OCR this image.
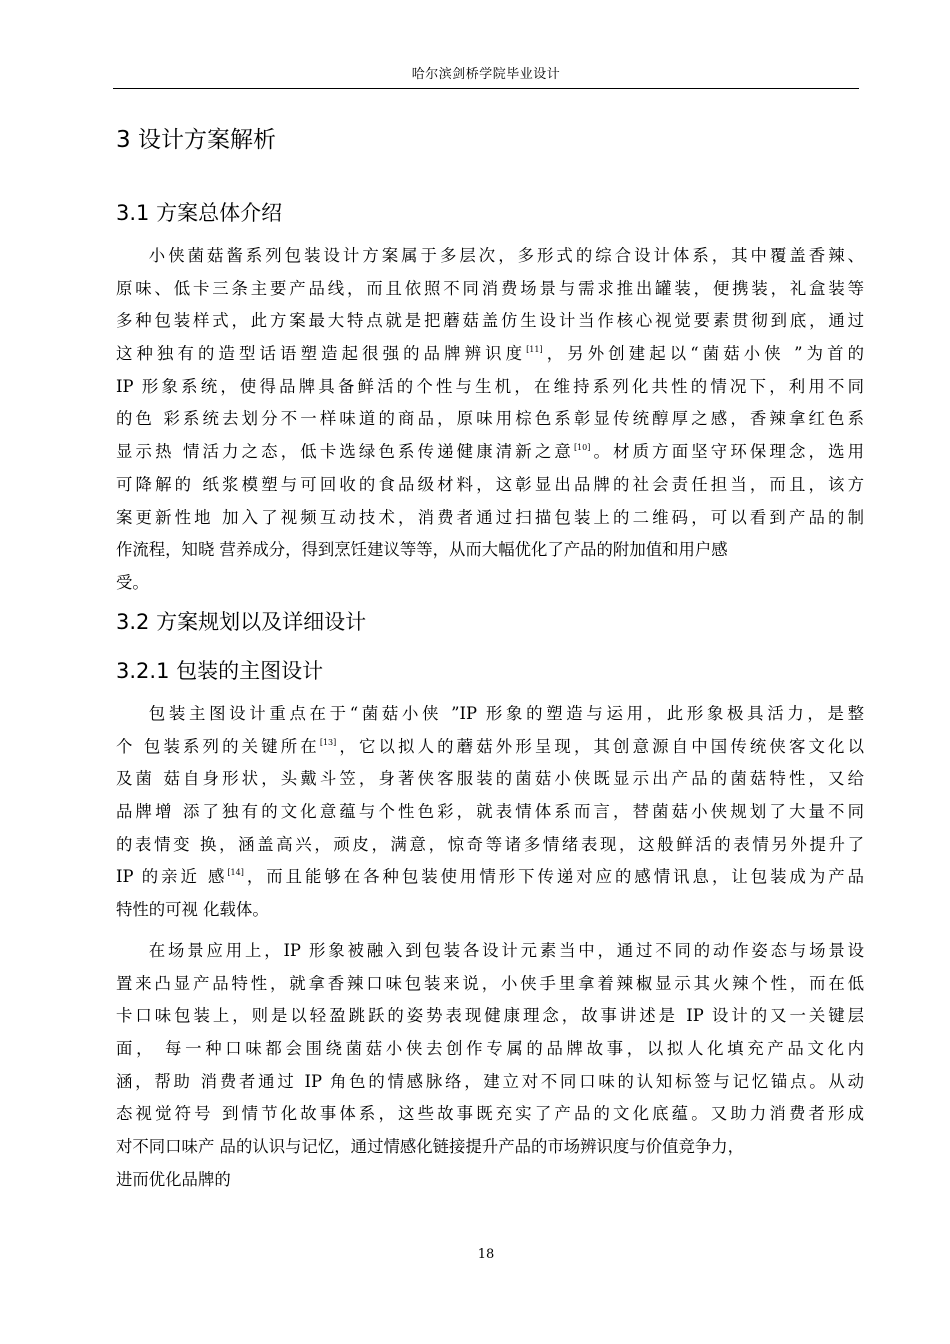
哈尔滨剑桥学院毕业设计
3 设计方案解析
3.1 方案总体介绍

小侠菌菇酱系列包装设计方案属于多层次，多形式的综合设计体系，其中覆盖香辣、
原味、低卡三条主要产品线，而且依照不同消费场景与需求推出罐装，便携装，礼盒装等
多种包装样式，此方案最大特点就是把蘑菇盖仿生设计当作核心视觉要素贯彻到底，通过
这种独有的造型话语塑造起很强的品牌辨识度[11]，另外创建起以“菌菇小侠 ”为首的
IP 形象系统，使得品牌具备鲜活的个性与生机，在维持系列化共性的情况下，利用不同
的色 彩系统去划分不一样味道的商品，原味用棕色系彰显传统醇厚之感，香辣拿红色系
显示热 情活力之态，低卡选绿色系传递健康清新之意[10]。材质方面坚守环保理念，选用
可降解的 纸浆模塑与可回收的食品级材料，这彰显出品牌的社会责任担当，而且，该方
案更新性地 加入了视频互动技术，消费者通过扫描包装上的二维码，可以看到产品的制
作流程，知晓 营养成分，得到烹饪建议等等，从而大幅优化了产品的附加值和用户感
受。

3.2 方案规划以及详细设计
3.2.1 包装的主图设计

包装主图设计重点在于“菌菇小侠 ”IP 形象的塑造与运用，此形象极具活力，是整
个 包装系列的关键所在[13]，它以拟人的蘑菇外形呈现，其创意源自中国传统侠客文化以
及菌 菇自身形状，头戴斗笠，身著侠客服装的菌菇小侠既显示出产品的菌菇特性，又给
品牌增 添了独有的文化意蕴与个性色彩，就表情体系而言，替菌菇小侠规划了大量不同
的表情变 换，涵盖高兴，顽皮，满意，惊奇等诸多情绪表现，这般鲜活的表情另外提升了
IP 的亲近 感[14]，而且能够在各种包装使用情形下传递对应的感情讯息，让包装成为产品
特性的可视 化载体。

在场景应用上，IP 形象被融入到包装各设计元素当中，通过不同的动作姿态与场景设
置来凸显产品特性，就拿香辣口味包装来说，小侠手里拿着辣椒显示其火辣个性，而在低
卡口味包装上，则是以轻盈跳跃的姿势表现健康理念，故事讲述是 IP 设计的又一关键层
面， 每一种口味都会围绕菌菇小侠去创作专属的品牌故事，以拟人化填充产品文化内
涵，帮助 消费者通过 IP 角色的情感脉络，建立对不同口味的认知标签与记忆锚点。从动
态视觉符号 到情节化故事体系，这些故事既充实了产品的文化底蕴。又助力消费者形成
对不同口味产 品的认识与记忆，通过情感化链接提升产品的市场辨识度与价值竞争力，
进而优化品牌的

18
